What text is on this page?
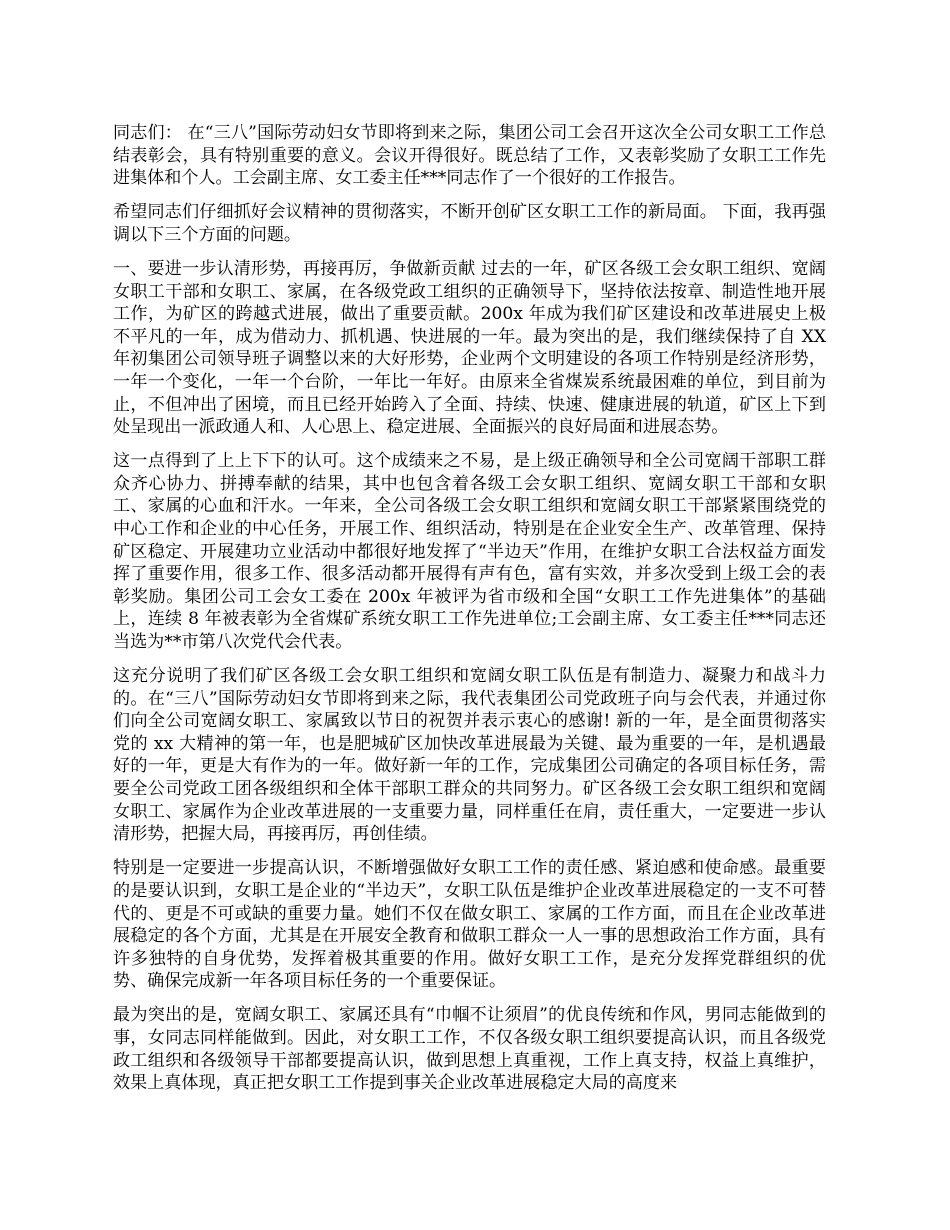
同志们： 在“三八”国际劳动妇女节即将到来之际，集团公司工会召开这次全公司女职工工作总结表彰会，具有特别重要的意义。会议开得很好。既总结了工作，又表彰奖励了女职工工作先进集体和个人。工会副主席、女工委主任***同志作了一个很好的工作报告。

希望同志们仔细抓好会议精神的贯彻落实，不断开创矿区女职工工作的新局面。 下面，我再强调以下三个方面的问题。

一、要进一步认清形势，再接再厉，争做新贡献 过去的一年，矿区各级工会女职工组织、宽阔女职工干部和女职工、家属，在各级党政工组织的正确领导下，坚持依法按章、制造性地开展工作，为矿区的跨越式进展，做出了重要贡献。200x 年成为我们矿区建设和改革进展史上极不平凡的一年，成为借动力、抓机遇、快进展的一年。最为突出的是，我们继续保持了自 XX 年初集团公司领导班子调整以来的大好形势，企业两个文明建设的各项工作特别是经济形势，一年一个变化，一年一个台阶，一年比一年好。由原来全省煤炭系统最困难的单位，到目前为止，不但冲出了困境，而且已经开始跨入了全面、持续、快速、健康进展的轨道，矿区上下到处呈现出一派政通人和、人心思上、稳定进展、全面振兴的良好局面和进展态势。

这一点得到了上上下下的认可。这个成绩来之不易，是上级正确领导和全公司宽阔干部职工群众齐心协力、拼搏奉献的结果，其中也包含着各级工会女职工组织、宽阔女职工干部和女职工、家属的心血和汗水。一年来，全公司各级工会女职工组织和宽阔女职工干部紧紧围绕党的中心工作和企业的中心任务，开展工作、组织活动，特别是在企业安全生产、改革管理、保持矿区稳定、开展建功立业活动中都很好地发挥了“半边天”作用，在维护女职工合法权益方面发挥了重要作用，很多工作、很多活动都开展得有声有色，富有实效，并多次受到上级工会的表彰奖励。集团公司工会女工委在 200x 年被评为省市级和全国“女职工工作先进集体”的基础上，连续 8 年被表彰为全省煤矿系统女职工工作先进单位;工会副主席、女工委主任***同志还当选为**市第八次党代会代表。

这充分说明了我们矿区各级工会女职工组织和宽阔女职工队伍是有制造力、凝聚力和战斗力的。在“三八”国际劳动妇女节即将到来之际，我代表集团公司党政班子向与会代表，并通过你们向全公司宽阔女职工、家属致以节日的祝贺并表示衷心的感谢! 新的一年，是全面贯彻落实党的 xx 大精神的第一年，也是肥城矿区加快改革进展最为关键、最为重要的一年，是机遇最好的一年，更是大有作为的一年。做好新一年的工作，完成集团公司确定的各项目标任务，需要全公司党政工团各级组织和全体干部职工群众的共同努力。矿区各级工会女职工组织和宽阔女职工、家属作为企业改革进展的一支重要力量，同样重任在肩，责任重大，一定要进一步认清形势，把握大局，再接再厉，再创佳绩。

特别是一定要进一步提高认识，不断增强做好女职工工作的责任感、紧迫感和使命感。最重要的是要认识到，女职工是企业的“半边天”，女职工队伍是维护企业改革进展稳定的一支不可替代的、更是不可或缺的重要力量。她们不仅在做女职工、家属的工作方面，而且在企业改革进展稳定的各个方面，尤其是在开展安全教育和做职工群众一人一事的思想政治工作方面，具有许多独特的自身优势，发挥着极其重要的作用。做好女职工工作，是充分发挥党群组织的优势、确保完成新一年各项目标任务的一个重要保证。

最为突出的是，宽阔女职工、家属还具有“巾帼不让须眉”的优良传统和作风，男同志能做到的事，女同志同样能做到。因此，对女职工工作，不仅各级女职工组织要提高认识，而且各级党政工组织和各级领导干部都要提高认识，做到思想上真重视，工作上真支持，权益上真维护，效果上真体现，真正把女职工工作提到事关企业改革进展稳定大局的高度来
